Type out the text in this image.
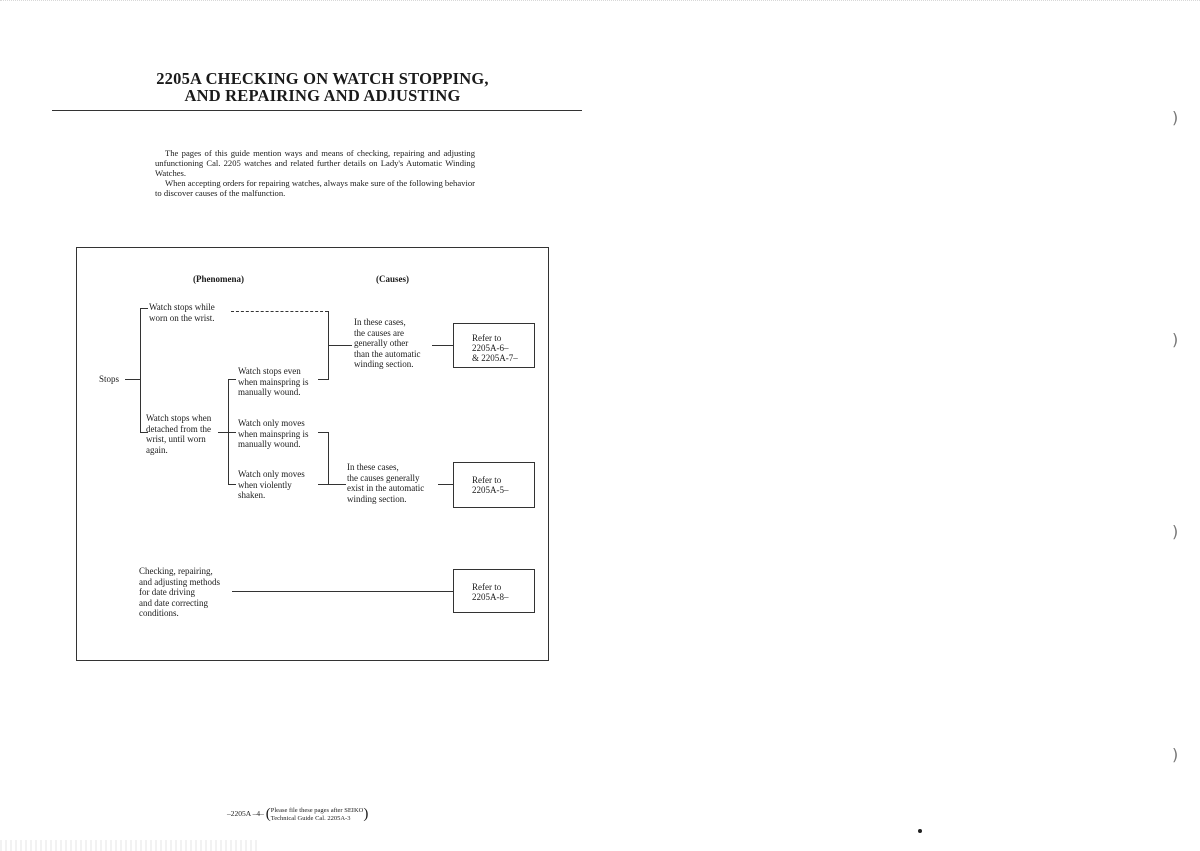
2205A CHECKING ON WATCH STOPPING,
AND REPAIRING AND ADJUSTING

The pages of this guide mention ways and means of checking, repairing and adjusting unfunctioning Cal. 2205 watches and related further details on Lady's Automatic Winding Watches.

When accepting orders for repairing watches, always make sure of the following behavior to discover causes of the malfunction.

(Phenomena)	(Causes)
Stops
Watch stops while
worn on the wrist.
Watch stops when
detached from the
wrist, until worn
again.
Watch stops even
when mainspring is
manually wound.
Watch only moves
when mainspring is
manually wound.
Watch only moves
when violently
shaken.
In these cases,
the causes are
generally other
than the automatic
winding section.
In these cases,
the causes generally
exist in the automatic
winding section.
Refer to
2205A-6–
& 2205A-7–
Refer to
2205A-5–
Checking, repairing,
and adjusting methods
for date driving
and date correcting
conditions.
Refer to
2205A-8–
–2205A –4– ( Please file these pages after SEIKO
Technical Guide Cal. 2205A-3 )
)
)
)
)
